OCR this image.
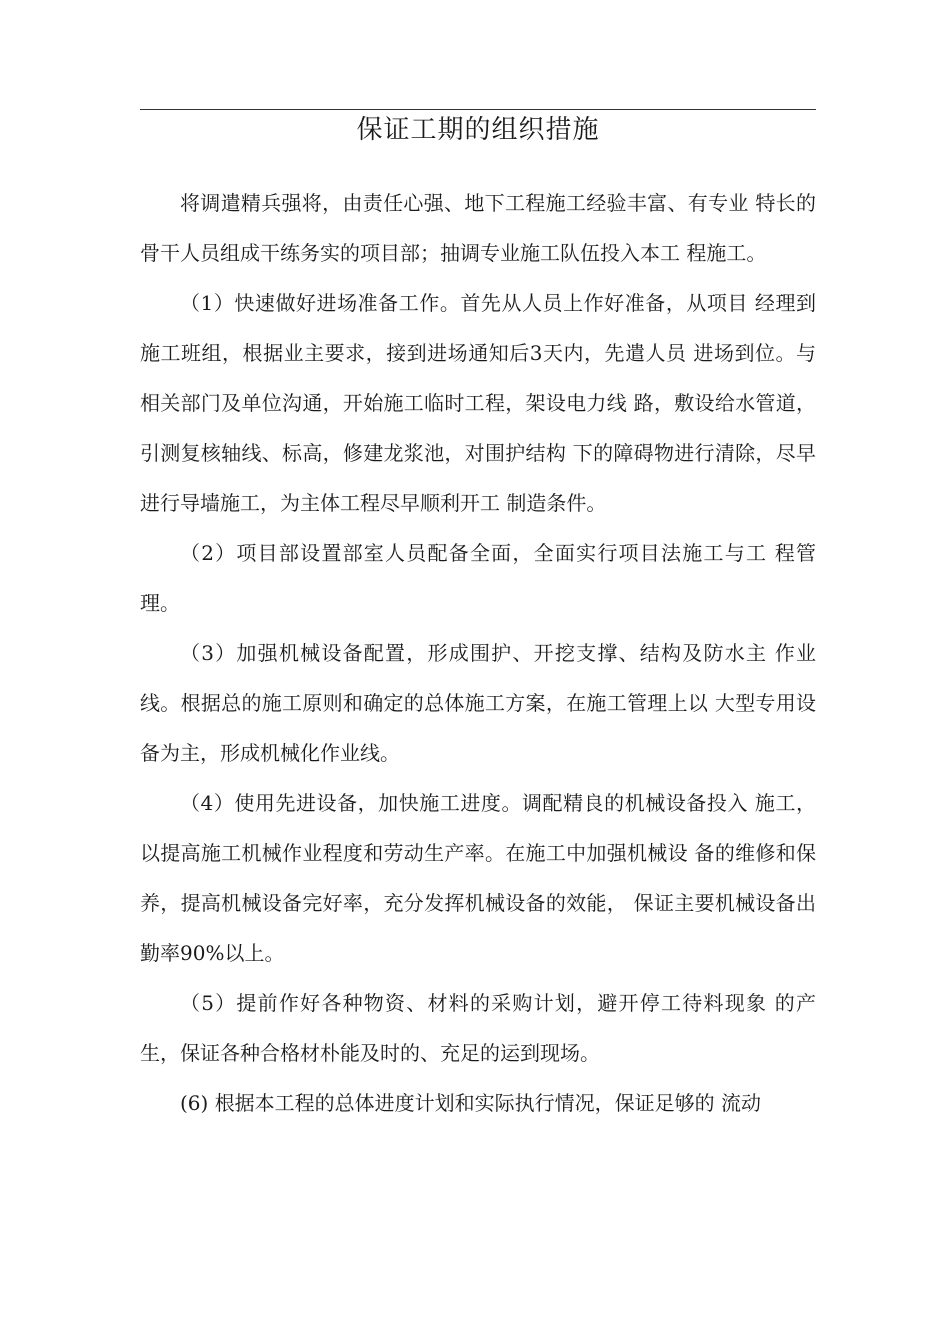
保证工期的组织措施

将调遣精兵强将，由责任心强、地下工程施工经验丰富、有专业 特长的骨干人员组成干练务实的项目部；抽调专业施工队伍投入本工 程施工。

（1）快速做好进场准备工作。首先从人员上作好准备，从项目 经理到施工班组，根据业主要求，接到进场通知后3天内，先遣人员 进场到位。与相关部门及单位沟通，开始施工临时工程，架设电力线 路，敷设给水管道，引测复核轴线、标高，修建龙浆池，对围护结构 下的障碍物进行清除，尽早进行导墙施工，为主体工程尽早顺利开工 制造条件。

（2）项目部设置部室人员配备全面，全面实行项目法施工与工 程管理。

（3）加强机械设备配置，形成围护、开挖支撑、结构及防水主 作业线。根据总的施工原则和确定的总体施工方案，在施工管理上以 大型专用设备为主，形成机械化作业线。

（4）使用先进设备，加快施工进度。调配精良的机械设备投入 施工，以提高施工机械作业程度和劳动生产率。在施工中加强机械设 备的维修和保养，提高机械设备完好率，充分发挥机械设备的效能， 保证主要机械设备出勤率90%以上。

（5）提前作好各种物资、材料的采购计划，避开停工待料现象 的产生，保证各种合格材朴能及时的、充足的运到现场。

(6) 根据本工程的总体进度计划和实际执行情况，保证足够的 流动
